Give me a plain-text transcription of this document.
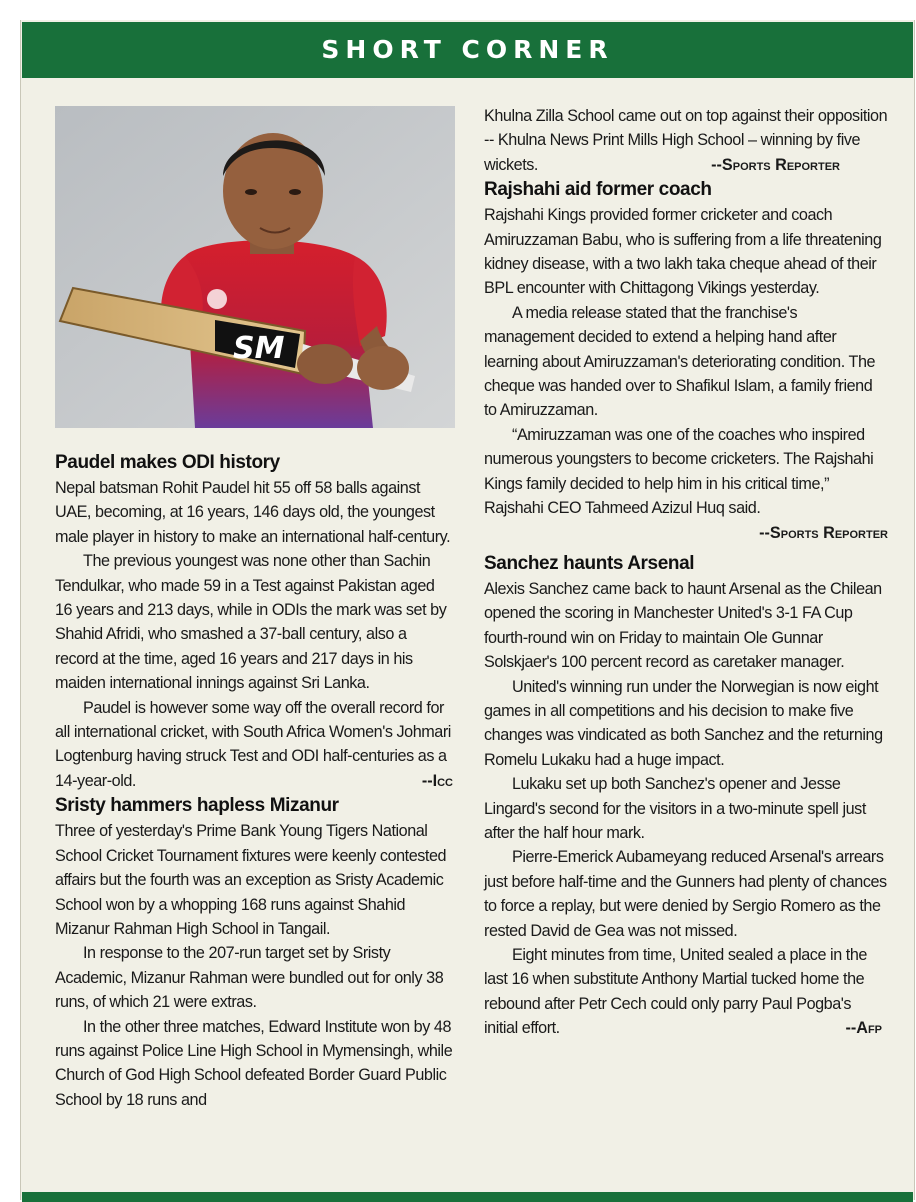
SHORT CORNER
SM
Paudel makes ODI history

Nepal batsman Rohit Paudel hit 55 off 58 balls against UAE, becoming, at 16 years, 146 days old, the youngest male player in history to make an international half-century.

The previous youngest was none other than Sachin Tendulkar, who made 59 in a Test against Pakistan aged 16 years and 213 days, while in ODIs the mark was set by Shahid Afridi, who smashed a 37-ball century, also a record at the time, aged 16 years and 217 days in his maiden international innings against Sri Lanka.

Paudel is however some way off the overall record for all international cricket, with South Africa Women's Johmari Logtenburg having struck Test and ODI half-centuries as a 14-year-old.	--Icc

Sristy hammers hapless Mizanur

Three of yesterday's Prime Bank Young Tigers National School Cricket Tournament fixtures were keenly contested affairs but the fourth was an exception as Sristy Academic School won by a whopping 168 runs against Shahid Mizanur Rahman High School in Tangail.

In response to the 207-run target set by Sristy Academic, Mizanur Rahman were bundled out for only 38 runs, of which 21 were extras.

In the other three matches, Edward Institute won by 48 runs against Police Line High School in Mymensingh, while Church of God High School defeated Border Guard Public School by 18 runs and

Khulna Zilla School came out on top against their opposition -- Khulna News Print Mills High School – winning by five wickets.	--Sports Reporter

Rajshahi aid former coach

Rajshahi Kings provided former cricketer and coach Amiruzzaman Babu, who is suffering from a life threatening kidney disease, with a two lakh taka cheque ahead of their BPL encounter with Chittagong Vikings yesterday.

A media release stated that the franchise's management decided to extend a helping hand after learning about Amiruzzaman's deteriorating condition. The cheque was handed over to Shafikul Islam, a family friend to Amiruzzaman.

“Amiruzzaman was one of the coaches who inspired numerous youngsters to become cricketers. The Rajshahi Kings family decided to help him in his critical time,” Rajshahi CEO Tahmeed Azizul Huq said.

--Sports Reporter

Sanchez haunts Arsenal

Alexis Sanchez came back to haunt Arsenal as the Chilean opened the scoring in Manchester United's 3-1 FA Cup fourth-round win on Friday to maintain Ole Gunnar Solskjaer's 100 percent record as caretaker manager.

United's winning run under the Norwegian is now eight games in all competitions and his decision to make five changes was vindicated as both Sanchez and the returning Romelu Lukaku had a huge impact.

Lukaku set up both Sanchez's opener and Jesse Lingard's second for the visitors in a two-minute spell just after the half hour mark.

Pierre-Emerick Aubameyang reduced Arsenal's arrears just before half-time and the Gunners had plenty of chances to force a replay, but were denied by Sergio Romero as the rested David de Gea was not missed.

Eight minutes from time, United sealed a place in the last 16 when substitute Anthony Martial tucked home the rebound after Petr Cech could only parry Paul Pogba's initial effort.	--Afp
